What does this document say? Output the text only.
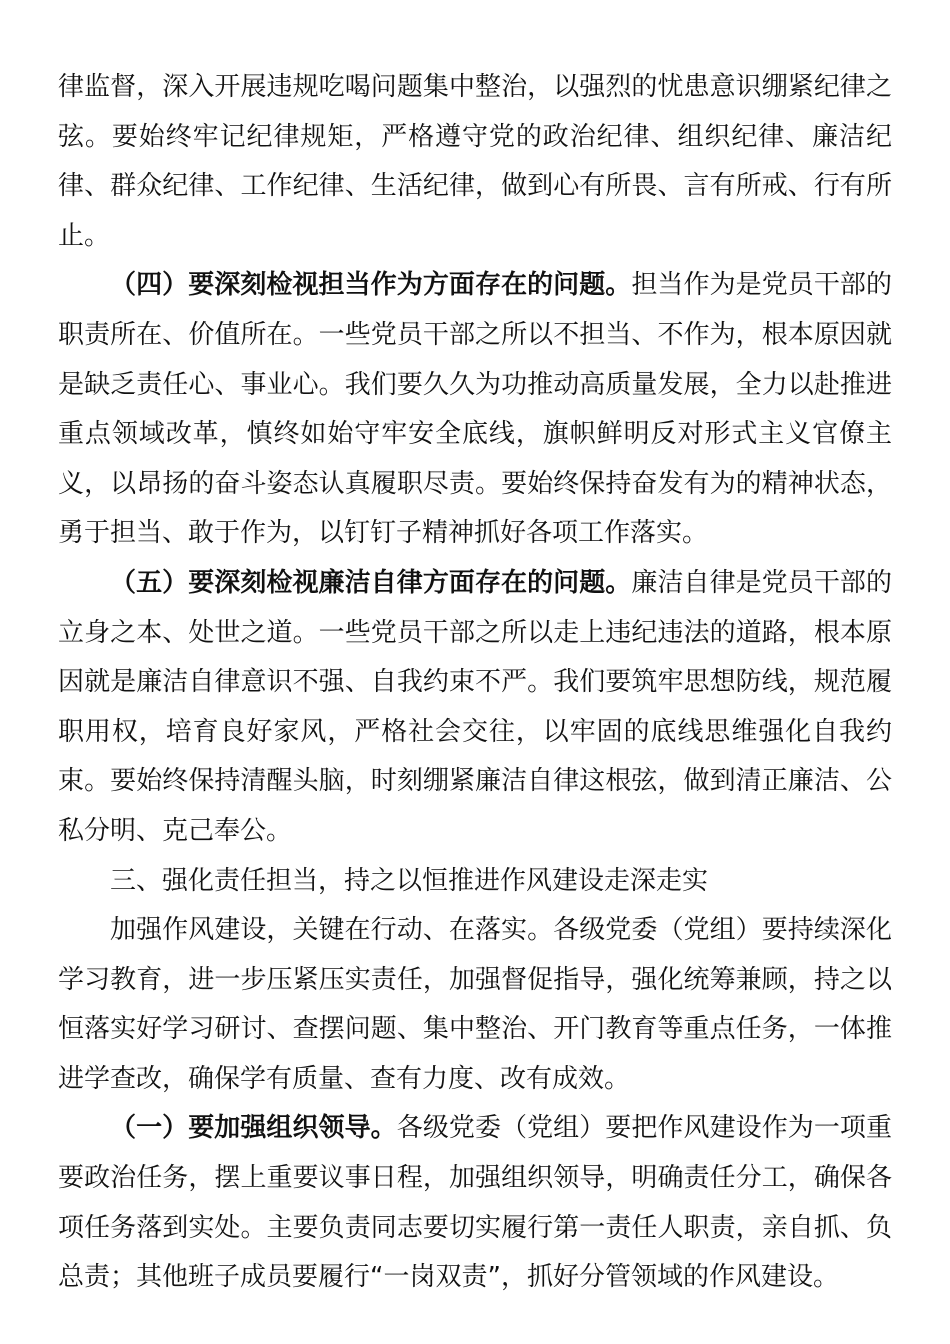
律监督，深入开展违规吃喝问题集中整治，以强烈的忧患意识绷紧纪律之弦。要始终牢记纪律规矩，严格遵守党的政治纪律、组织纪律、廉洁纪律、群众纪律、工作纪律、生活纪律，做到心有所畏、言有所戒、行有所止。

（四）要深刻检视担当作为方面存在的问题。担当作为是党员干部的职责所在、价值所在。一些党员干部之所以不担当、不作为，根本原因就是缺乏责任心、事业心。我们要久久为功推动高质量发展，全力以赴推进重点领域改革，慎终如始守牢安全底线，旗帜鲜明反对形式主义官僚主义，以昂扬的奋斗姿态认真履职尽责。要始终保持奋发有为的精神状态，勇于担当、敢于作为，以钉钉子精神抓好各项工作落实。

（五）要深刻检视廉洁自律方面存在的问题。廉洁自律是党员干部的立身之本、处世之道。一些党员干部之所以走上违纪违法的道路，根本原因就是廉洁自律意识不强、自我约束不严。我们要筑牢思想防线，规范履职用权，培育良好家风，严格社会交往，以牢固的底线思维强化自我约束。要始终保持清醒头脑，时刻绷紧廉洁自律这根弦，做到清正廉洁、公私分明、克己奉公。

三、强化责任担当，持之以恒推进作风建设走深走实

加强作风建设，关键在行动、在落实。各级党委（党组）要持续深化学习教育，进一步压紧压实责任，加强督促指导，强化统筹兼顾，持之以恒落实好学习研讨、查摆问题、集中整治、开门教育等重点任务，一体推进学查改，确保学有质量、查有力度、改有成效。

（一）要加强组织领导。各级党委（党组）要把作风建设作为一项重要政治任务，摆上重要议事日程，加强组织领导，明确责任分工，确保各项任务落到实处。主要负责同志要切实履行第一责任人职责，亲自抓、负总责；其他班子成员要履行“一岗双责”，抓好分管领域的作风建设。
